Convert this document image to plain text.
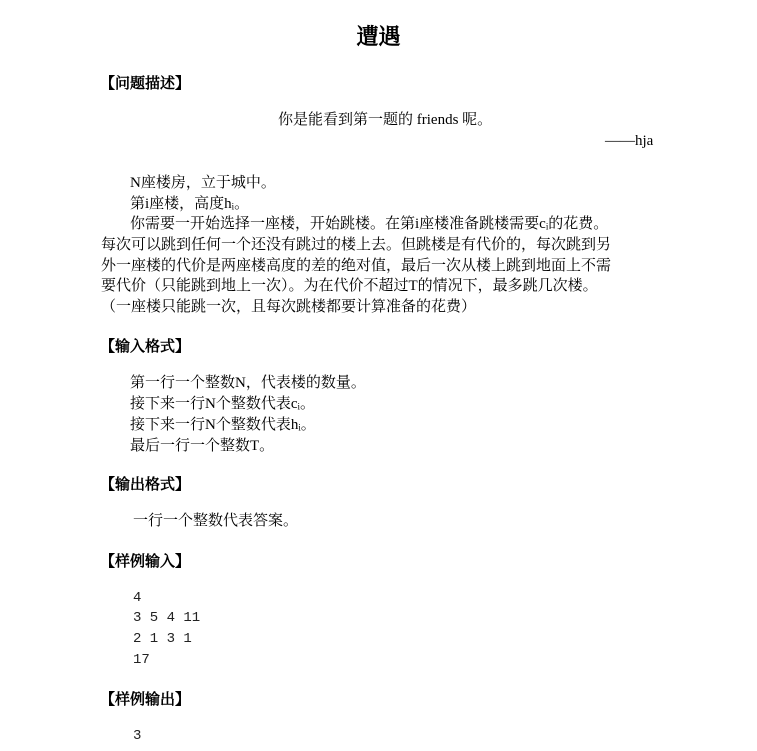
遭遇
【问题描述】
你是能看到第一题的 friends 呢。
——hja
N座楼房，立于城中。
第i座楼，高度hᵢ。
你需要一开始选择一座楼，开始跳楼。在第i座楼准备跳楼需要cᵢ的花费。
每次可以跳到任何一个还没有跳过的楼上去。但跳楼是有代价的，每次跳到另
外一座楼的代价是两座楼高度的差的绝对值，最后一次从楼上跳到地面上不需
要代价（只能跳到地上一次）。为在代价不超过T的情况下，最多跳几次楼。
（一座楼只能跳一次，且每次跳楼都要计算准备的花费）
【输入格式】
第一行一个整数N，代表楼的数量。
接下来一行N个整数代表cᵢ。
接下来一行N个整数代表hᵢ。
最后一行一个整数T。
【输出格式】
一行一个整数代表答案。
【样例输入】
4
3 5 4 11
2 1 3 1
17
【样例输出】
3
